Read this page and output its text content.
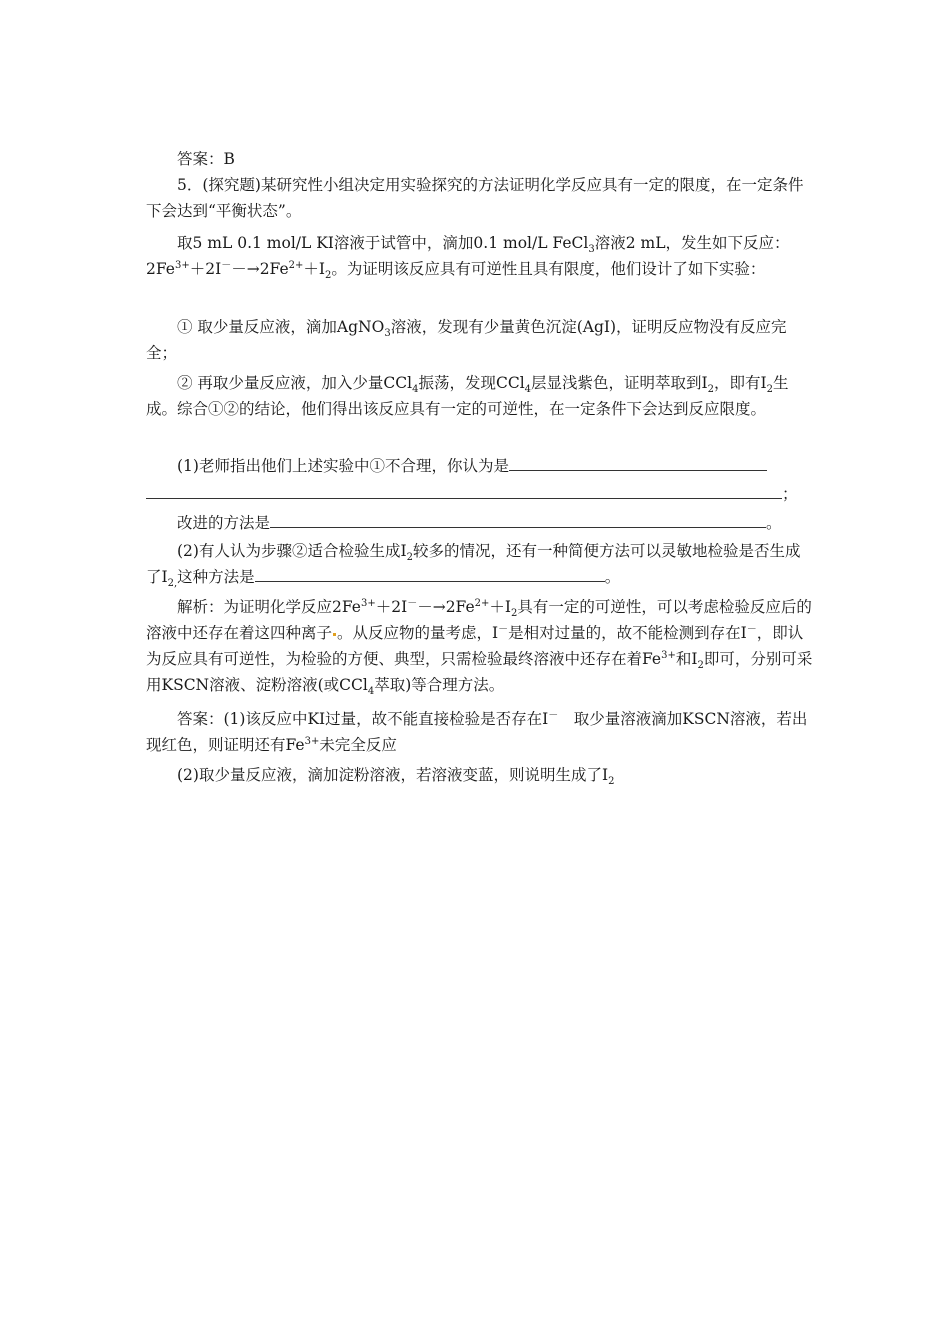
答案：B

5．(探究题)某研究性小组决定用实验探究的方法证明化学反应具有一定的限度，在一定条件下会达到“平衡状态”。

取5 mL 0.1 mol/L KI溶液于试管中，滴加0.1 mol/L FeCl$_3$溶液2 mL，发生如下反应：$2Fe^{3+}+2I^--\to 2Fe^{2+}+I_2$。为证明该反应具有可逆性且具有限度，他们设计了如下实验：

① 取少量反应液，滴加AgNO$_3$溶液，发现有少量黄色沉淀(AgI)，证明反应物没有反应完全；

② 再取少量反应液，加入少量CCl$_4$振荡，发现CCl$_4$层显浅紫色，证明萃取到$I_2$，即有$I_2$生成。综合①②的结论，他们得出该反应具有一定的可逆性，在一定条件下会达到反应限度。

(1)老师指出他们上述实验中①不合理，你认为是

；

改进的方法是	。

(2)有人认为步骤②适合检验生成$I_2$较多的情况，还有一种简便方法可以灵敏地检验是否生成了$I_{2,}$这种方法是	。

解析：为证明化学反应$2Fe^{3+}+2I^--\to 2Fe^{2+}+I_2$具有一定的可逆性，可以考虑检验反应后的溶液中还存在着这四种离子 。从反应物的量考虑，I－是相对过量的，故不能检测到存在I－，即认为反应具有可逆性，为检验的方便、典型，只需检验最终溶液中还存在着$Fe^{3+}$和$I_2$即可，分别可采用KSCN溶液、淀粉溶液(或CCl$_4$萃取)等合理方法。

答案：(1)该反应中KI过量，故不能直接检验是否存在I－　取少量溶液滴加KSCN溶液，若出现红色，则证明还有$Fe^{3+}$未完全反应

(2)取少量反应液，滴加淀粉溶液，若溶液变蓝，则说明生成了$I_2$
